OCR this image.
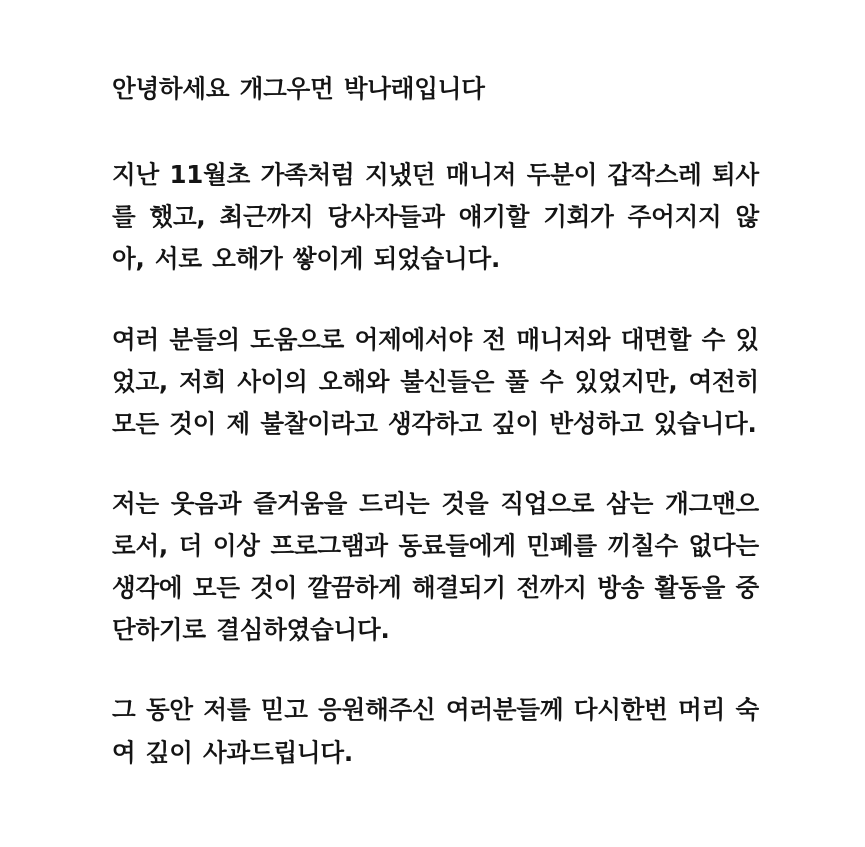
안녕하세요 개그우먼 박나래입니다

지난 11월초 가족처럼 지냈던 매니저 두분이 갑작스레 퇴사를 했고, 최근까지 당사자들과 얘기할 기회가 주어지지 않아, 서로 오해가 쌓이게 되었습니다.

여러 분들의 도움으로 어제에서야 전 매니저와 대면할 수 있었고, 저희 사이의 오해와 불신들은 풀 수 있었지만, 여전히 모든 것이 제 불찰이라고 생각하고 깊이 반성하고 있습니다.

저는 웃음과 즐거움을 드리는 것을 직업으로 삼는 개그맨으로서, 더 이상 프로그램과 동료들에게 민폐를 끼칠수 없다는 생각에 모든 것이 깔끔하게 해결되기 전까지 방송 활동을 중단하기로 결심하였습니다.

그 동안 저를 믿고 응원해주신 여러분들께 다시한번 머리 숙여 깊이 사과드립니다.
